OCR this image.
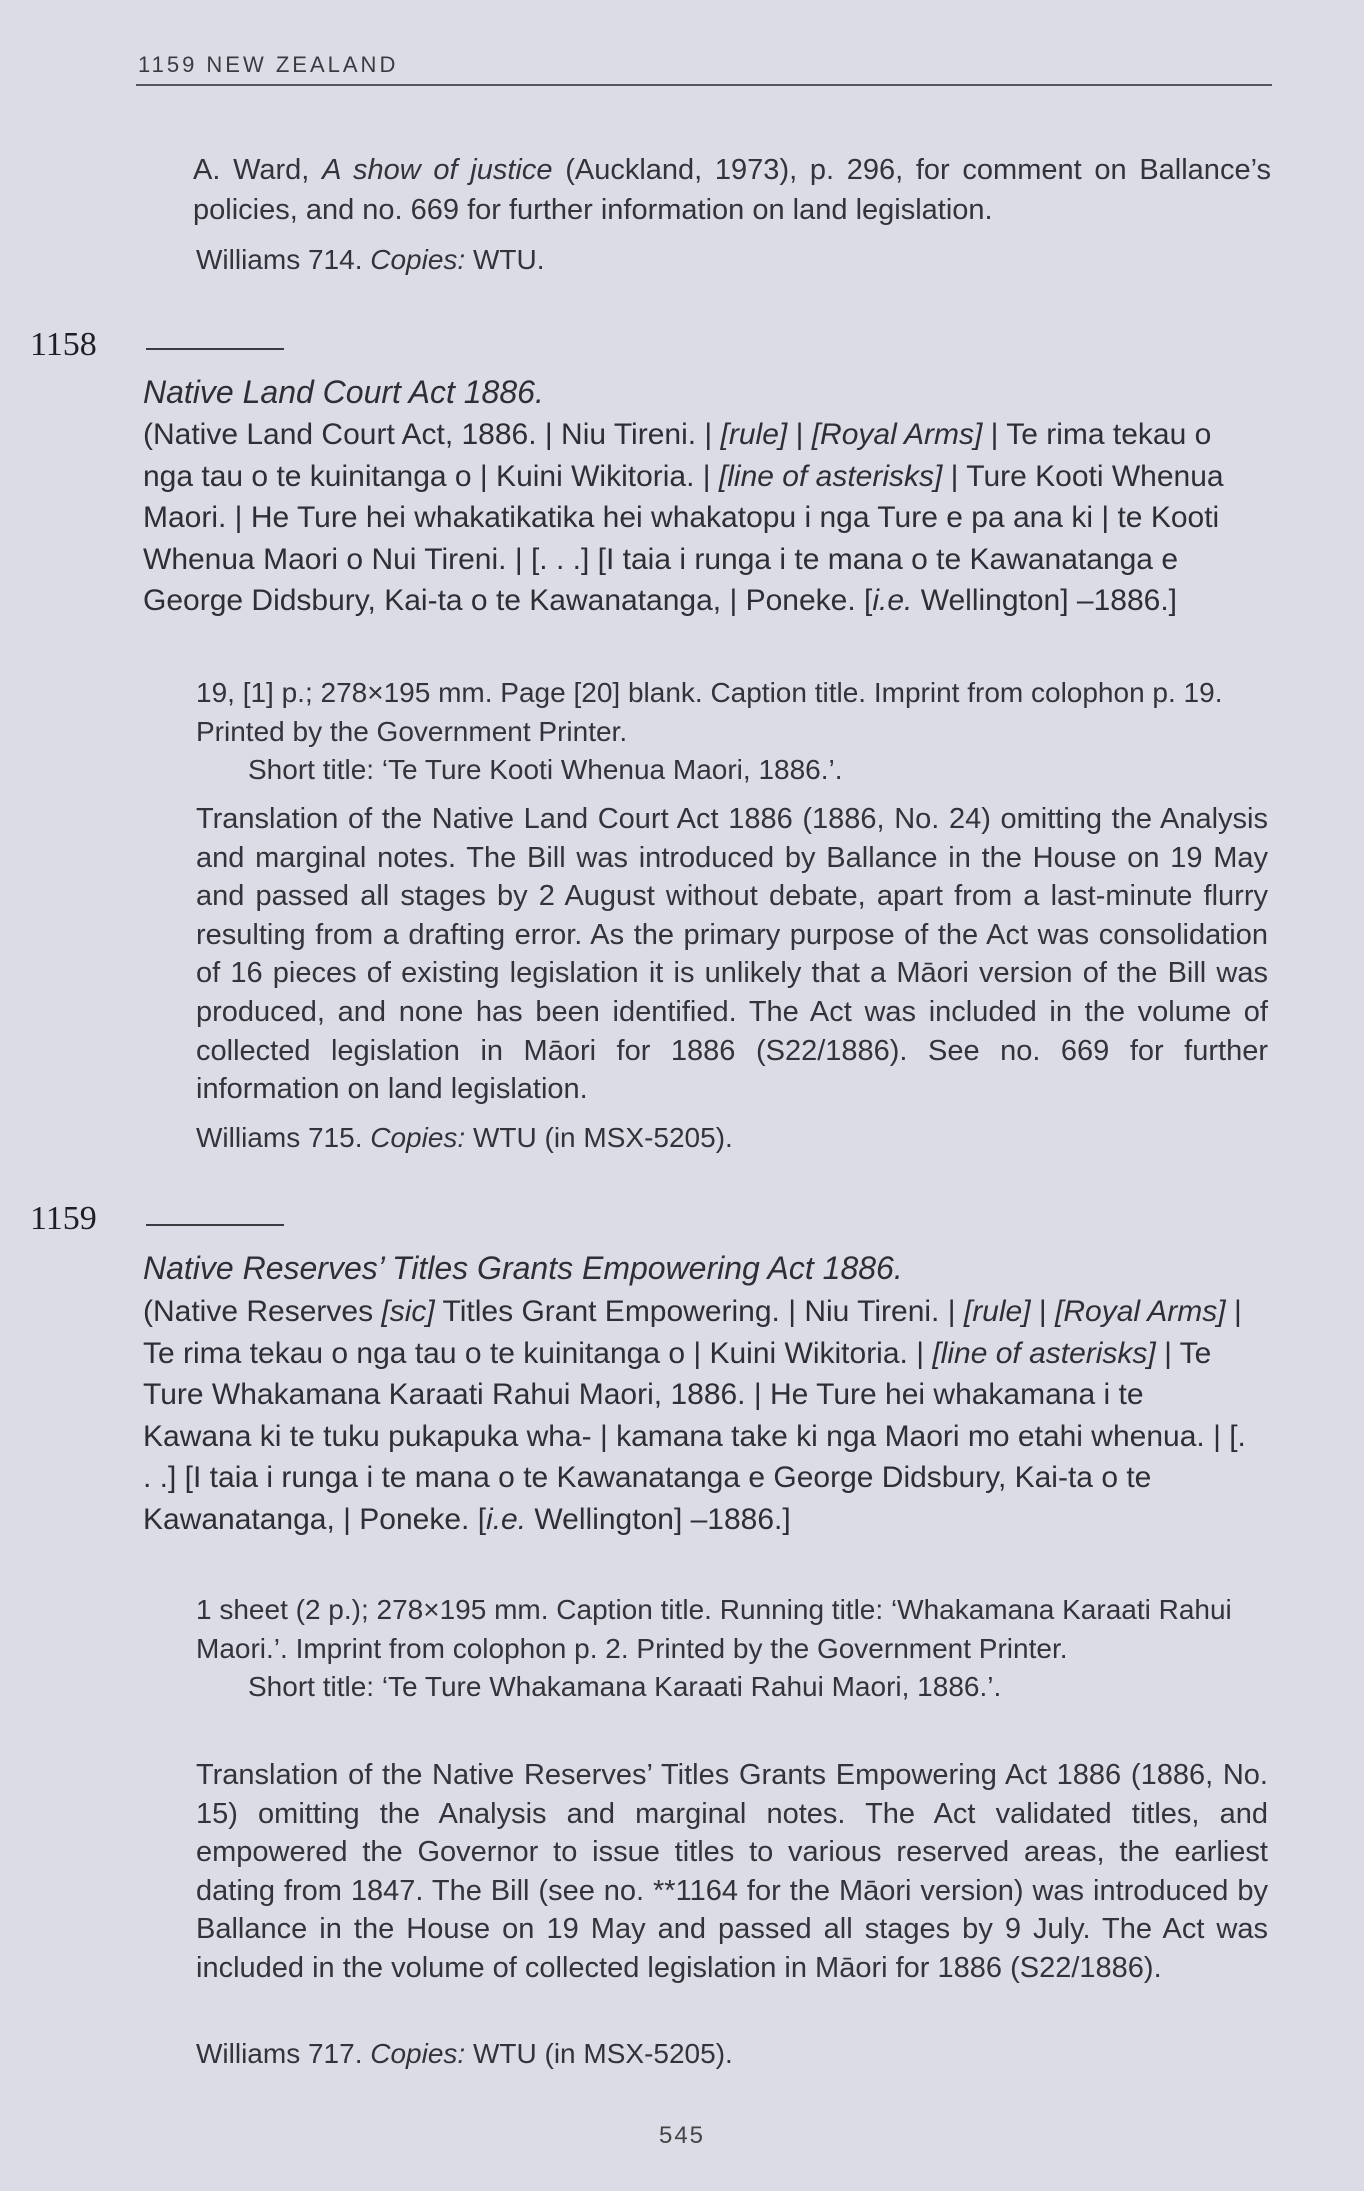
1159 NEW ZEALAND
A. Ward, A show of justice (Auckland, 1973), p. 296, for comment on Ballance’s policies, and no. 669 for further information on land legislation.
Williams 714. Copies: WTU.
1158
Native Land Court Act 1886.
(Native Land Court Act, 1886. | Niu Tireni. | [rule] | [Royal Arms] | Te rima tekau o nga tau o te kuinitanga o | Kuini Wikitoria. | [line of asterisks] | Ture Kooti Whenua Maori. | He Ture hei whakatikatika hei whakatopu i nga Ture e pa ana ki | te Kooti Whenua Maori o Nui Tireni. | [. . .] [I taia i runga i te mana o te Kawanatanga e George Didsbury, Kai-ta o te Kawanatanga, | Poneke. [i.e. Wellington] –1886.]
19, [1] p.; 278×195 mm. Page [20] blank. Caption title. Imprint from colophon p. 19. Printed by the Government Printer.
Short title: ‘Te Ture Kooti Whenua Maori, 1886.’.
Translation of the Native Land Court Act 1886 (1886, No. 24) omitting the Analysis and marginal notes. The Bill was introduced by Ballance in the House on 19 May and passed all stages by 2 August without debate, apart from a last-minute flurry resulting from a drafting error. As the primary purpose of the Act was consolidation of 16 pieces of existing legislation it is unlikely that a Māori version of the Bill was produced, and none has been identified. The Act was included in the volume of collected legislation in Māori for 1886 (S22/1886). See no. 669 for further information on land legislation.
Williams 715. Copies: WTU (in MSX-5205).
1159
Native Reserves’ Titles Grants Empowering Act 1886.
(Native Reserves [sic] Titles Grant Empowering. | Niu Tireni. | [rule] | [Royal Arms] | Te rima tekau o nga tau o te kuinitanga o | Kuini Wikitoria. | [line of asterisks] | Te Ture Whakamana Karaati Rahui Maori, 1886. | He Ture hei whakamana i te Kawana ki te tuku pukapuka wha- | kamana take ki nga Maori mo etahi whenua. | [. . .] [I taia i runga i te mana o te Kawanatanga e George Didsbury, Kai-ta o te Kawanatanga, | Poneke. [i.e. Wellington] –1886.]
1 sheet (2 p.); 278×195 mm. Caption title. Running title: ‘Whakamana Karaati Rahui Maori.’. Imprint from colophon p. 2. Printed by the Government Printer.
Short title: ‘Te Ture Whakamana Karaati Rahui Maori, 1886.’.
Translation of the Native Reserves’ Titles Grants Empowering Act 1886 (1886, No. 15) omitting the Analysis and marginal notes. The Act validated titles, and empowered the Governor to issue titles to various reserved areas, the earliest dating from 1847. The Bill (see no. **1164 for the Māori version) was introduced by Ballance in the House on 19 May and passed all stages by 9 July. The Act was included in the volume of collected legislation in Māori for 1886 (S22/1886).
Williams 717. Copies: WTU (in MSX-5205).
545
